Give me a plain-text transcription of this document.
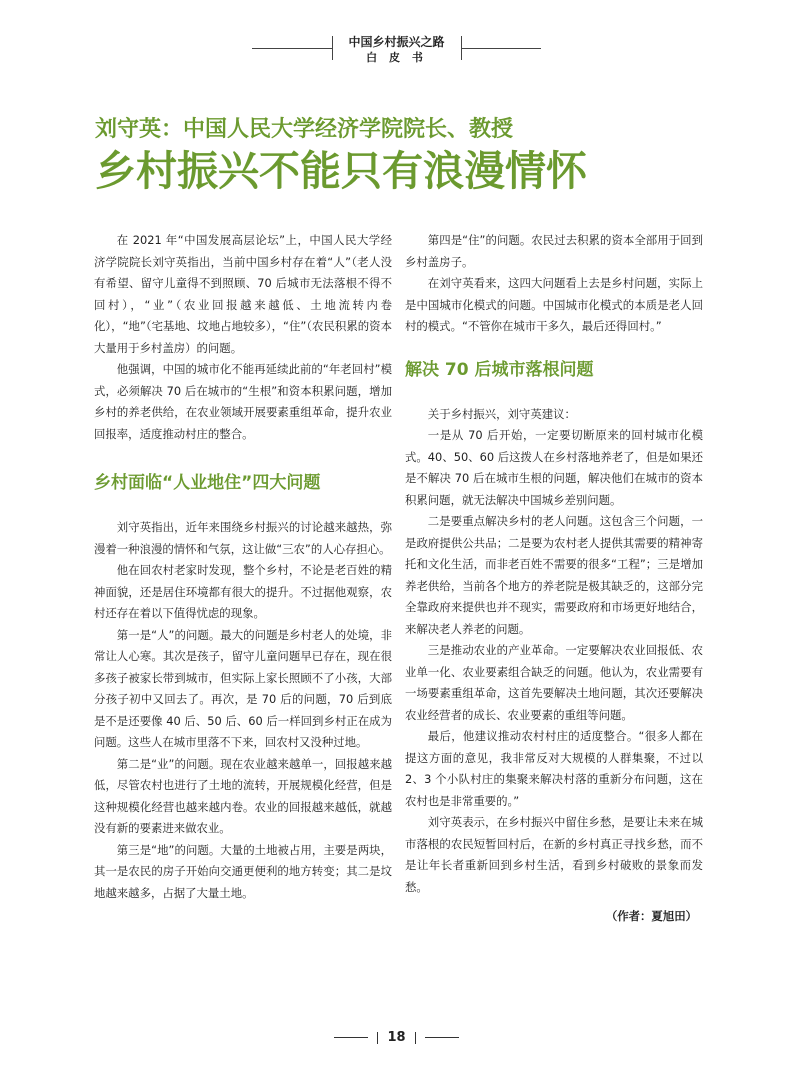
中国乡村振兴之路
白 皮 书
刘守英：中国人民大学经济学院院长、教授
乡村振兴不能只有浪漫情怀

在 2021 年“中国发展高层论坛”上，中国人民大学经济学院院长刘守英指出，当前中国乡村存在着“人”（老人没有希望、留守儿童得不到照顾、70 后城市无法落根不得不回村），“业”（农业回报越来越低、土地流转内卷化），“地”（宅基地、坟地占地较多），“住”（农民积累的资本大量用于乡村盖房）的问题。

他强调，中国的城市化不能再延续此前的“年老回村”模式，必须解决 70 后在城市的“生根”和资本积累问题，增加乡村的养老供给，在农业领域开展要素重组革命，提升农业回报率，适度推动村庄的整合。

乡村面临“人业地住”四大问题

刘守英指出，近年来围绕乡村振兴的讨论越来越热，弥漫着一种浪漫的情怀和气氛，这让做“三农”的人心存担心。

他在回农村老家时发现，整个乡村，不论是老百姓的精神面貌，还是居住环境都有很大的提升。不过据他观察，农村还存在着以下值得忧虑的现象。

第一是“人”的问题。最大的问题是乡村老人的处境，非常让人心寒。其次是孩子，留守儿童问题早已存在，现在很多孩子被家长带到城市，但实际上家长照顾不了小孩，大部分孩子初中又回去了。再次，是 70 后的问题，70 后到底是不是还要像 40 后、50 后、60 后一样回到乡村正在成为问题。这些人在城市里落不下来，回农村又没种过地。

第二是“业”的问题。现在农业越来越单一，回报越来越低，尽管农村也进行了土地的流转，开展规模化经营，但是这种规模化经营也越来越内卷。农业的回报越来越低，就越没有新的要素进来做农业。

第三是“地”的问题。大量的土地被占用，主要是两块，其一是农民的房子开始向交通更便利的地方转变；其二是坟地越来越多，占据了大量土地。

第四是“住”的问题。农民过去积累的资本全部用于回到乡村盖房子。

在刘守英看来，这四大问题看上去是乡村问题，实际上是中国城市化模式的问题。中国城市化模式的本质是老人回村的模式。“不管你在城市干多久，最后还得回村。”

解决 70 后城市落根问题

关于乡村振兴，刘守英建议：

一是从 70 后开始，一定要切断原来的回村城市化模式。40、50、60 后这拨人在乡村落地养老了，但是如果还是不解决 70 后在城市生根的问题，解决他们在城市的资本积累问题，就无法解决中国城乡差别问题。

二是要重点解决乡村的老人问题。这包含三个问题，一是政府提供公共品；二是要为农村老人提供其需要的精神寄托和文化生活，而非老百姓不需要的很多“工程”；三是增加养老供给，当前各个地方的养老院是极其缺乏的，这部分完全靠政府来提供也并不现实，需要政府和市场更好地结合，来解决老人养老的问题。

三是推动农业的产业革命。一定要解决农业回报低、农业单一化、农业要素组合缺乏的问题。他认为，农业需要有一场要素重组革命，这首先要解决土地问题，其次还要解决农业经营者的成长、农业要素的重组等问题。

最后，他建议推动农村村庄的适度整合。“很多人都在提这方面的意见，我非常反对大规模的人群集聚，不过以 2、3 个小队村庄的集聚来解决村落的重新分布问题，这在农村也是非常重要的。”

刘守英表示，在乡村振兴中留住乡愁，是要让未来在城市落根的农民短暂回村后，在新的乡村真正寻找乡愁，而不是让年长者重新回到乡村生活，看到乡村破败的景象而发愁。

（作者：夏旭田）
18
